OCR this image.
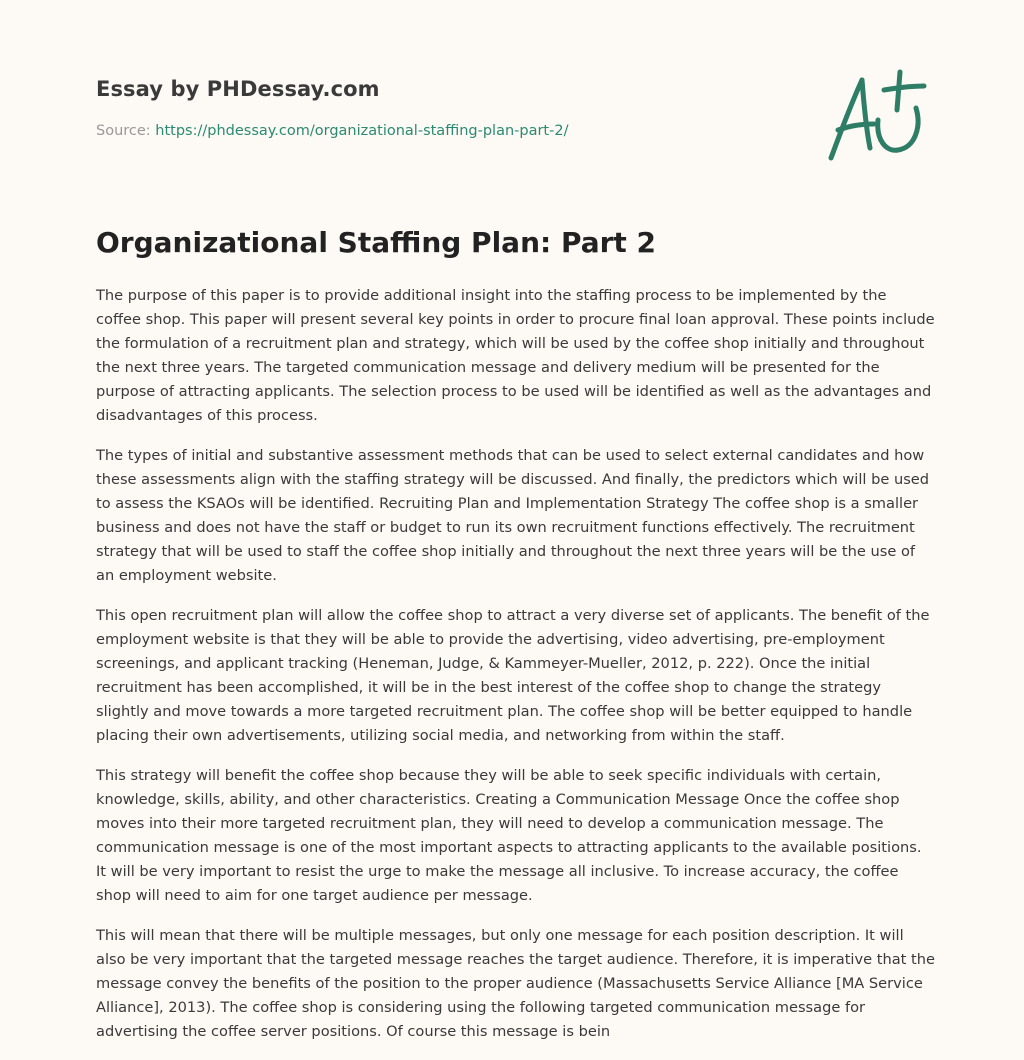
Essay by PHDessay.com
Source: https://phdessay.com/organizational-staffing-plan-part-2/
Organizational Staffing Plan: Part 2

The purpose of this paper is to provide additional insight into the staffing process to be implemented by the coffee shop. This paper will present several key points in order to procure final loan approval. These points include the formulation of a recruitment plan and strategy, which will be used by the coffee shop initially and throughout the next three years. The targeted communication message and delivery medium will be presented for the purpose of attracting applicants. The selection process to be used will be identified as well as the advantages and disadvantages of this process.

The types of initial and substantive assessment methods that can be used to select external candidates and how these assessments align with the staffing strategy will be discussed. And finally, the predictors which will be used to assess the KSAOs will be identified. Recruiting Plan and Implementation Strategy The coffee shop is a smaller business and does not have the staff or budget to run its own recruitment functions effectively. The recruitment strategy that will be used to staff the coffee shop initially and throughout the next three years will be the use of an employment website.

This open recruitment plan will allow the coffee shop to attract a very diverse set of applicants. The benefit of the employment website is that they will be able to provide the advertising, video advertising, pre-employment screenings, and applicant tracking (Heneman, Judge, & Kammeyer-Mueller, 2012, p. 222). Once the initial recruitment has been accomplished, it will be in the best interest of the coffee shop to change the strategy slightly and move towards a more targeted recruitment plan. The coffee shop will be better equipped to handle placing their own advertisements, utilizing social media, and networking from within the staff.

This strategy will benefit the coffee shop because they will be able to seek specific individuals with certain, knowledge, skills, ability, and other characteristics. Creating a Communication Message Once the coffee shop moves into their more targeted recruitment plan, they will need to develop a communication message. The communication message is one of the most important aspects to attracting applicants to the available positions. It will be very important to resist the urge to make the message all inclusive. To increase accuracy, the coffee shop will need to aim for one target audience per message.

This will mean that there will be multiple messages, but only one message for each position description. It will also be very important that the targeted message reaches the target audience. Therefore, it is imperative that the message convey the benefits of the position to the proper audience (Massachusetts Service Alliance [MA Service Alliance], 2013). The coffee shop is considering using the following targeted communication message for advertising the coffee server positions. Of course this message is bein
